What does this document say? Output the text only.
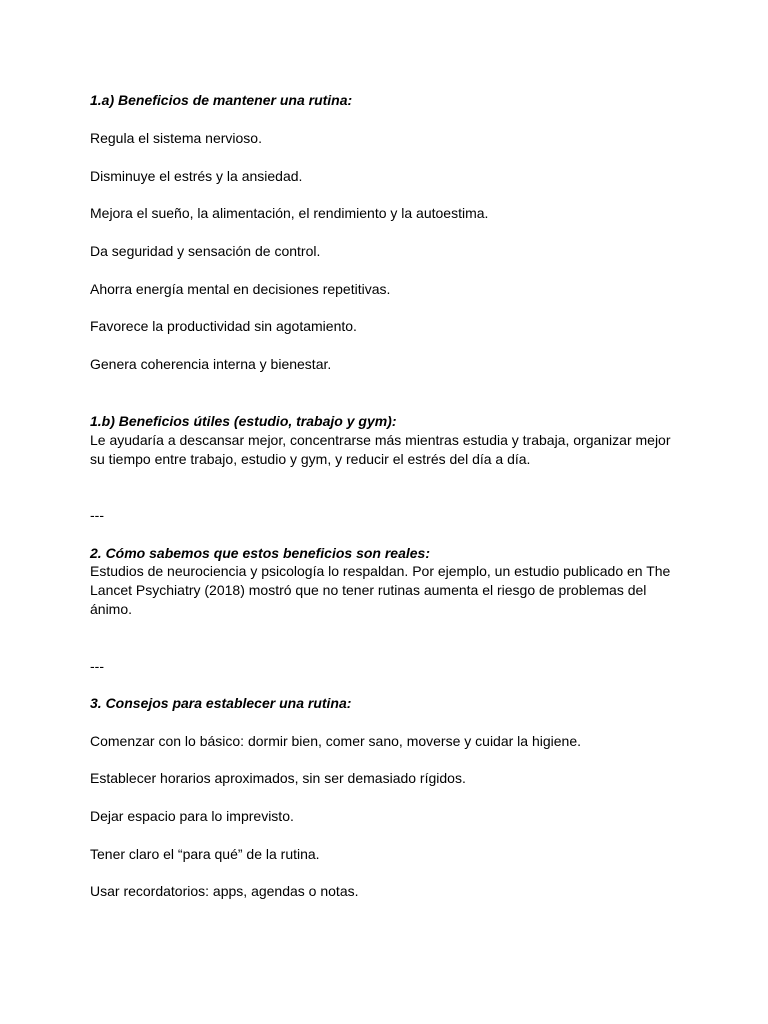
1.a) Beneficios de mantener una rutina:
Regula el sistema nervioso.
Disminuye el estrés y la ansiedad.
Mejora el sueño, la alimentación, el rendimiento y la autoestima.
Da seguridad y sensación de control.
Ahorra energía mental en decisiones repetitivas.
Favorece la productividad sin agotamiento.
Genera coherencia interna y bienestar.
1.b) Beneficios útiles (estudio, trabajo y gym):
Le ayudaría a descansar mejor, concentrarse más mientras estudia y trabaja, organizar mejor
su tiempo entre trabajo, estudio y gym, y reducir el estrés del día a día.
---
2. Cómo sabemos que estos beneficios son reales:
Estudios de neurociencia y psicología lo respaldan. Por ejemplo, un estudio publicado en The
Lancet Psychiatry (2018) mostró que no tener rutinas aumenta el riesgo de problemas del
ánimo.
---
3. Consejos para establecer una rutina:
Comenzar con lo básico: dormir bien, comer sano, moverse y cuidar la higiene.
Establecer horarios aproximados, sin ser demasiado rígidos.
Dejar espacio para lo imprevisto.
Tener claro el “para qué” de la rutina.
Usar recordatorios: apps, agendas o notas.
